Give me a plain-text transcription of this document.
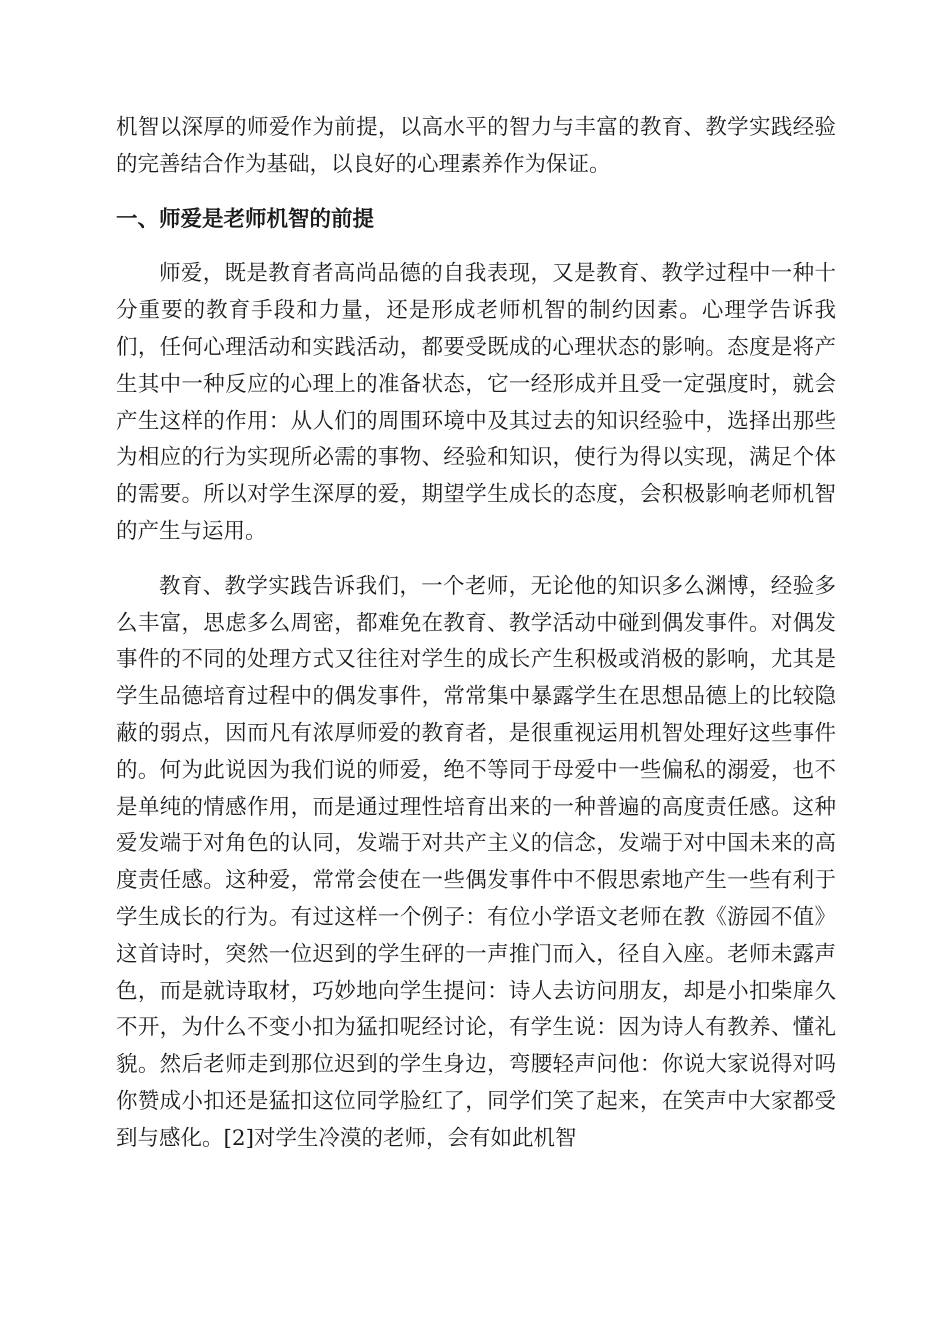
机智以深厚的师爱作为前提，以高水平的智力与丰富的教育、教学实践经验的完善结合作为基础，以良好的心理素养作为保证。

一、师爱是老师机智的前提

师爱，既是教育者高尚品德的自我表现，又是教育、教学过程中一种十分重要的教育手段和力量，还是形成老师机智的制约因素。心理学告诉我们，任何心理活动和实践活动，都要受既成的心理状态的影响。态度是将产生其中一种反应的心理上的准备状态，它一经形成并且受一定强度时，就会产生这样的作用：从人们的周围环境中及其过去的知识经验中，选择出那些为相应的行为实现所必需的事物、经验和知识，使行为得以实现，满足个体的需要。所以对学生深厚的爱，期望学生成长的态度，会积极影响老师机智的产生与运用。

教育、教学实践告诉我们，一个老师，无论他的知识多么渊博，经验多么丰富，思虑多么周密，都难免在教育、教学活动中碰到偶发事件。对偶发事件的不同的处理方式又往往对学生的成长产生积极或消极的影响，尤其是学生品德培育过程中的偶发事件，常常集中暴露学生在思想品德上的比较隐蔽的弱点，因而凡有浓厚师爱的教育者，是很重视运用机智处理好这些事件的。何为此说因为我们说的师爱，绝不等同于母爱中一些偏私的溺爱，也不是单纯的情感作用，而是通过理性培育出来的一种普遍的高度责任感。这种爱发端于对角色的认同，发端于对共产主义的信念，发端于对中国未来的高度责任感。这种爱，常常会使在一些偶发事件中不假思索地产生一些有利于学生成长的行为。有过这样一个例子：有位小学语文老师在教《游园不值》这首诗时，突然一位迟到的学生砰的一声推门而入，径自入座。老师未露声色，而是就诗取材，巧妙地向学生提问：诗人去访问朋友，却是小扣柴扉久不开，为什么不变小扣为猛扣呢经讨论，有学生说：因为诗人有教养、懂礼貌。然后老师走到那位迟到的学生身边，弯腰轻声问他：你说大家说得对吗你赞成小扣还是猛扣这位同学脸红了，同学们笑了起来，在笑声中大家都受到与感化。[2]对学生冷漠的老师，会有如此机智
